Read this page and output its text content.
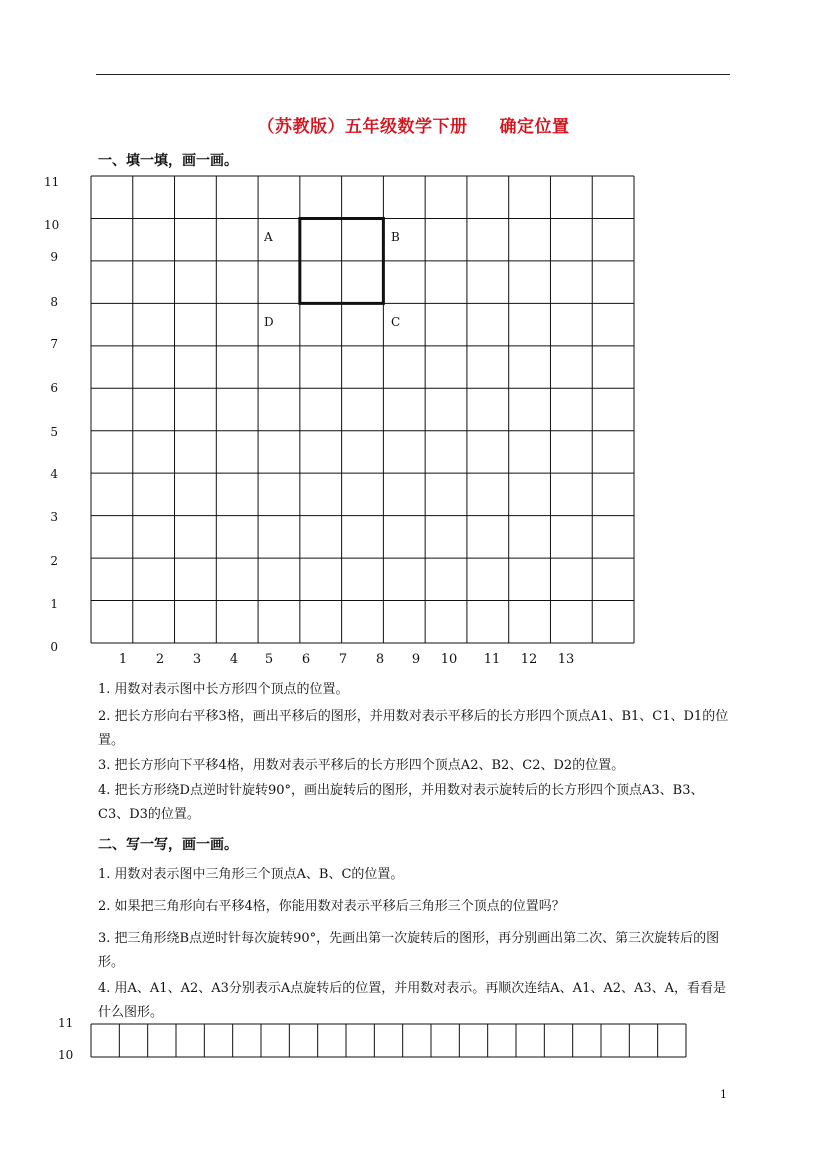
（苏教版）五年级数学下册     确定位置
一、填一填，画一画。
11
10
9
8
7
6
5
4
3
2
1
0
1	2	3	4	5	6	7	8	9	10	11	12	13
A	B
C
D
1. 用数对表示图中长方形四个顶点的位置。
2. 把长方形向右平移3格，画出平移后的图形，并用数对表示平移后的长方形四个顶点A1、B1、C1、D1的位置。
3. 把长方形向下平移4格，用数对表示平移后的长方形四个顶点A2、B2、C2、D2的位置。
4. 把长方形绕D点逆时针旋转90°，画出旋转后的图形，并用数对表示旋转后的长方形四个顶点A3、B3、C3、D3的位置。
二、写一写，画一画。
1. 用数对表示图中三角形三个顶点A、B、C的位置。
2. 如果把三角形向右平移4格，你能用数对表示平移后三角形三个顶点的位置吗？
3. 把三角形绕B点逆时针每次旋转90°，先画出第一次旋转后的图形，再分别画出第二次、第三次旋转后的图形。
4. 用A、A1、A2、A3分别表示A点旋转后的位置，并用数对表示。再顺次连结A、A1、A2、A3、A，看看是什么图形。
11
10
1
